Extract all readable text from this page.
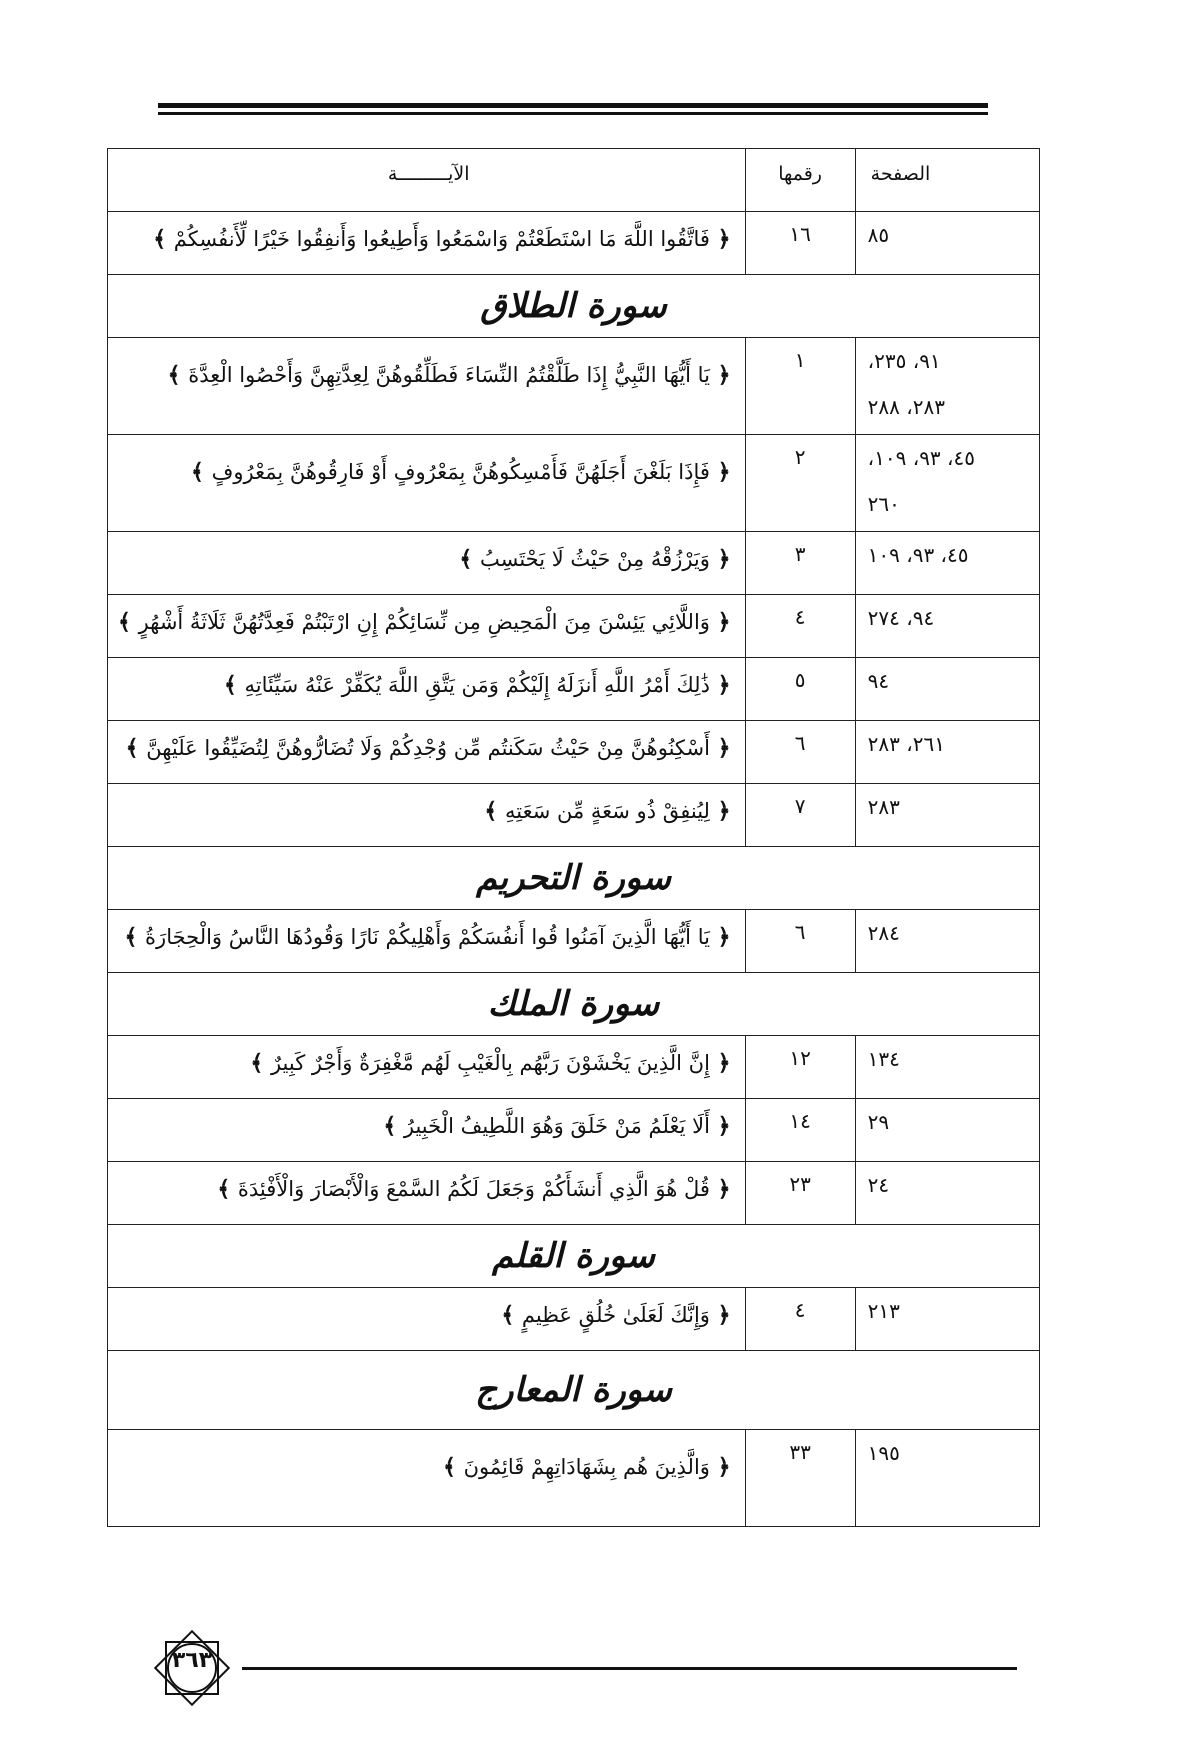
الآيـــــــــة	رقمها	الصفحة

﴿ فَاتَّقُوا اللَّهَ مَا اسْتَطَعْتُمْ وَاسْمَعُوا وَأَطِيعُوا وَأَنفِقُوا خَيْرًا لِّأَنفُسِكُمْ ﴾	١٦	٨٥

سورة الطلاق		

﴿ يَا أَيُّهَا النَّبِيُّ إِذَا طَلَّقْتُمُ النِّسَاءَ فَطَلِّقُوهُنَّ لِعِدَّتِهِنَّ وَأَحْصُوا الْعِدَّةَ ﴾	١	٩١، ٢٣٥،
٢٨٣، ٢٨٨

﴿ فَإِذَا بَلَغْنَ أَجَلَهُنَّ فَأَمْسِكُوهُنَّ بِمَعْرُوفٍ أَوْ فَارِقُوهُنَّ بِمَعْرُوفٍ ﴾	٢	٤٥، ٩٣، ١٠٩،
٢٦٠

﴿ وَيَرْزُقْهُ مِنْ حَيْثُ لَا يَحْتَسِبُ ﴾	٣	٤٥، ٩٣، ١٠٩

﴿ وَاللَّائِي يَئِسْنَ مِنَ الْمَحِيضِ مِن نِّسَائِكُمْ إِنِ ارْتَبْتُمْ فَعِدَّتُهُنَّ ثَلَاثَةُ أَشْهُرٍ ﴾	٤	٩٤، ٢٧٤

﴿ ذَٰلِكَ أَمْرُ اللَّهِ أَنزَلَهُ إِلَيْكُمْ وَمَن يَتَّقِ اللَّهَ يُكَفِّرْ عَنْهُ سَيِّئَاتِهِ ﴾	٥	٩٤

﴿ أَسْكِنُوهُنَّ مِنْ حَيْثُ سَكَنتُم مِّن وُجْدِكُمْ وَلَا تُضَارُّوهُنَّ لِتُضَيِّقُوا عَلَيْهِنَّ ﴾	٦	٢٦١، ٢٨٣

﴿ لِيُنفِقْ ذُو سَعَةٍ مِّن سَعَتِهِ ﴾	٧	٢٨٣

سورة التحريم		

﴿ يَا أَيُّهَا الَّذِينَ آمَنُوا قُوا أَنفُسَكُمْ وَأَهْلِيكُمْ نَارًا وَقُودُهَا النَّاسُ وَالْحِجَارَةُ ﴾	٦	٢٨٤

سورة الملك		

﴿ إِنَّ الَّذِينَ يَخْشَوْنَ رَبَّهُم بِالْغَيْبِ لَهُم مَّغْفِرَةٌ وَأَجْرٌ كَبِيرٌ ﴾	١٢	١٣٤

﴿ أَلَا يَعْلَمُ مَنْ خَلَقَ وَهُوَ اللَّطِيفُ الْخَبِيرُ ﴾	١٤	٢٩

﴿ قُلْ هُوَ الَّذِي أَنشَأَكُمْ وَجَعَلَ لَكُمُ السَّمْعَ وَالْأَبْصَارَ وَالْأَفْئِدَةَ ﴾	٢٣	٢٤

سورة القلم		

﴿ وَإِنَّكَ لَعَلَىٰ خُلُقٍ عَظِيمٍ ﴾	٤	٢١٣

سورة المعارج		

﴿ وَالَّذِينَ هُم بِشَهَادَاتِهِمْ قَائِمُونَ ﴾	٣٣	١٩٥
٣٦٣
